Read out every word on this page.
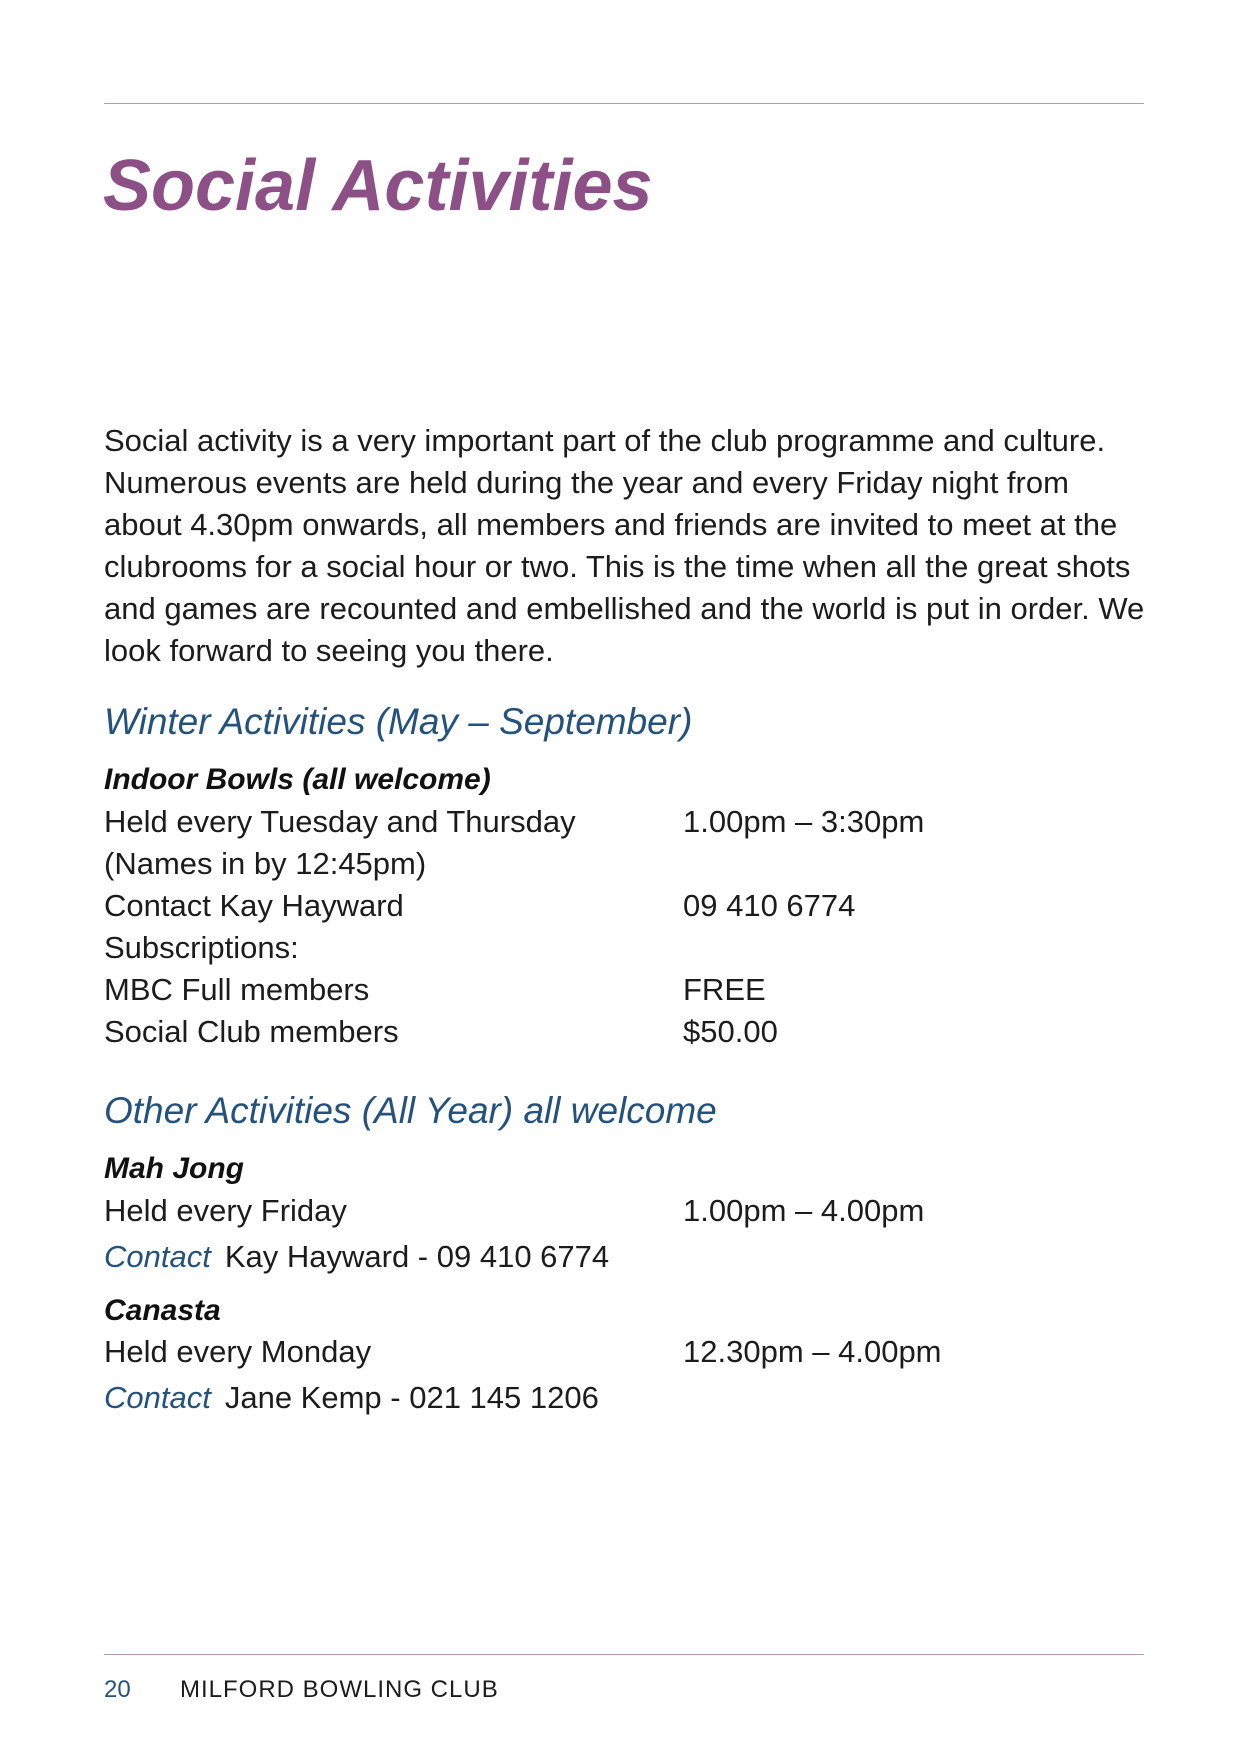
Social Activities

Social activity is a very important part of the club programme and culture. Numerous events are held during the year and every Friday night from about 4.30pm onwards, all members and friends are invited to meet at the clubrooms for a social hour or two. This is the time when all the great shots and games are recounted and embellished and the world is put in order. We look forward to seeing you there.

Winter Activities (May – September)
Indoor Bowls (all welcome)
Held every Tuesday and Thursday	1.00pm – 3:30pm
(Names in by 12:45pm)
Contact Kay Hayward	09 410 6774
Subscriptions:
MBC Full members	FREE
Social Club members	$50.00
Other Activities (All Year) all welcome
Mah Jong
Held every Friday	1.00pm – 4.00pm
Contact Kay Hayward - 09 410 6774
Canasta
Held every Monday	12.30pm – 4.00pm
Contact Jane Kemp - 021 145 1206
20 MILFORD BOWLING CLUB
